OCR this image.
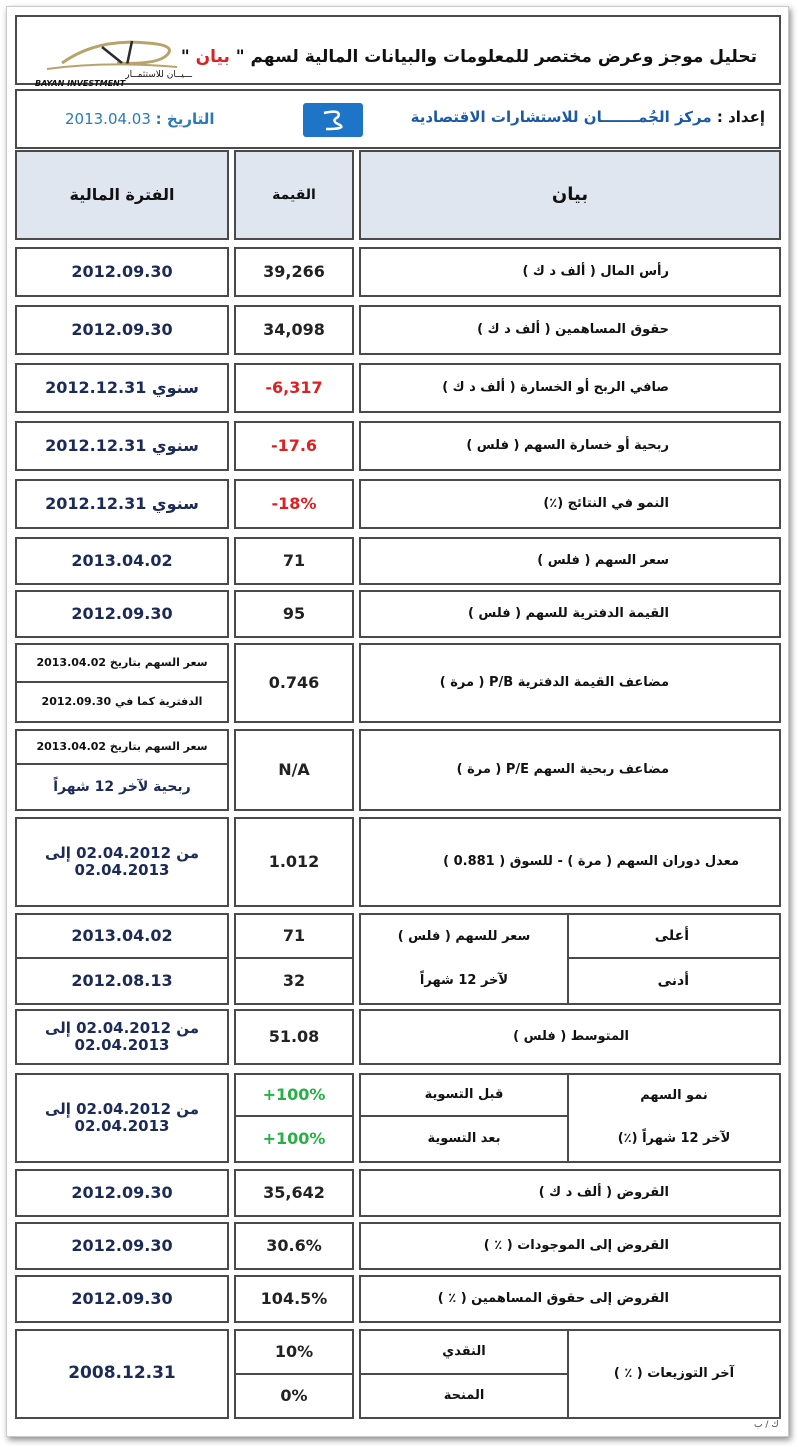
تحليل موجز وعرض مختصر للمعلومات والبيانات المالية لسهم " بيان "
ـــيــان للاستثمــار
BAYAN INVESTMENT
إعداد : مركز الجُمـــــــان للاستشارات الاقتصادية
التاريخ : 2013.04.03
بيان
القيمة
الفترة المالية
رأس المال ( ألف د ك )
39,266
2012.09.30
حقوق المساهمين ( ألف د ك )
34,098
2012.09.30
صافي الربح أو الخسارة ( ألف د ك )
-6,317
سنوي 2012.12.31
ربحية أو خسارة السهم ( فلس )
-17.6
سنوي 2012.12.31
النمو في النتائج (٪)
-18%
سنوي 2012.12.31
سعر السهم ( فلس )
71
2013.04.02
القيمة الدفترية للسهم ( فلس )
95
2012.09.30
مضاعف القيمة الدفترية P/B ( مرة )
0.746
سعر السهم بتاريخ 2013.04.02
الدفترية كما في 2012.09.30
مضاعف ربحية السهم P/E ( مرة )
N/A
سعر السهم بتاريخ 2013.04.02
ربحية لآخر 12 شهراً
معدل دوران السهم ( مرة ) - للسوق ( 0.881 )
1.012
من 02.04.2012 إلى
02.04.2013
أعلى
أدنى
سعر للسهم ( فلس )
لآخر 12 شهراً
71
32
2013.04.02
2012.08.13
المتوسط ( فلس )
51.08
من 02.04.2012 إلى
02.04.2013
نمو السهم
لآخر 12 شهراً (٪)
قبل التسوية
بعد التسوية
+100%
+100%
من 02.04.2012 إلى
02.04.2013
القروض ( ألف د ك )
35,642
2012.09.30
القروض إلى الموجودات ( ٪ )
30.6%
2012.09.30
القروض إلى حقوق المساهمين ( ٪ )
104.5%
2012.09.30
آخر التوزيعات ( ٪ )
النقدي
المنحة
10%
0%
2008.12.31
ك / ب
